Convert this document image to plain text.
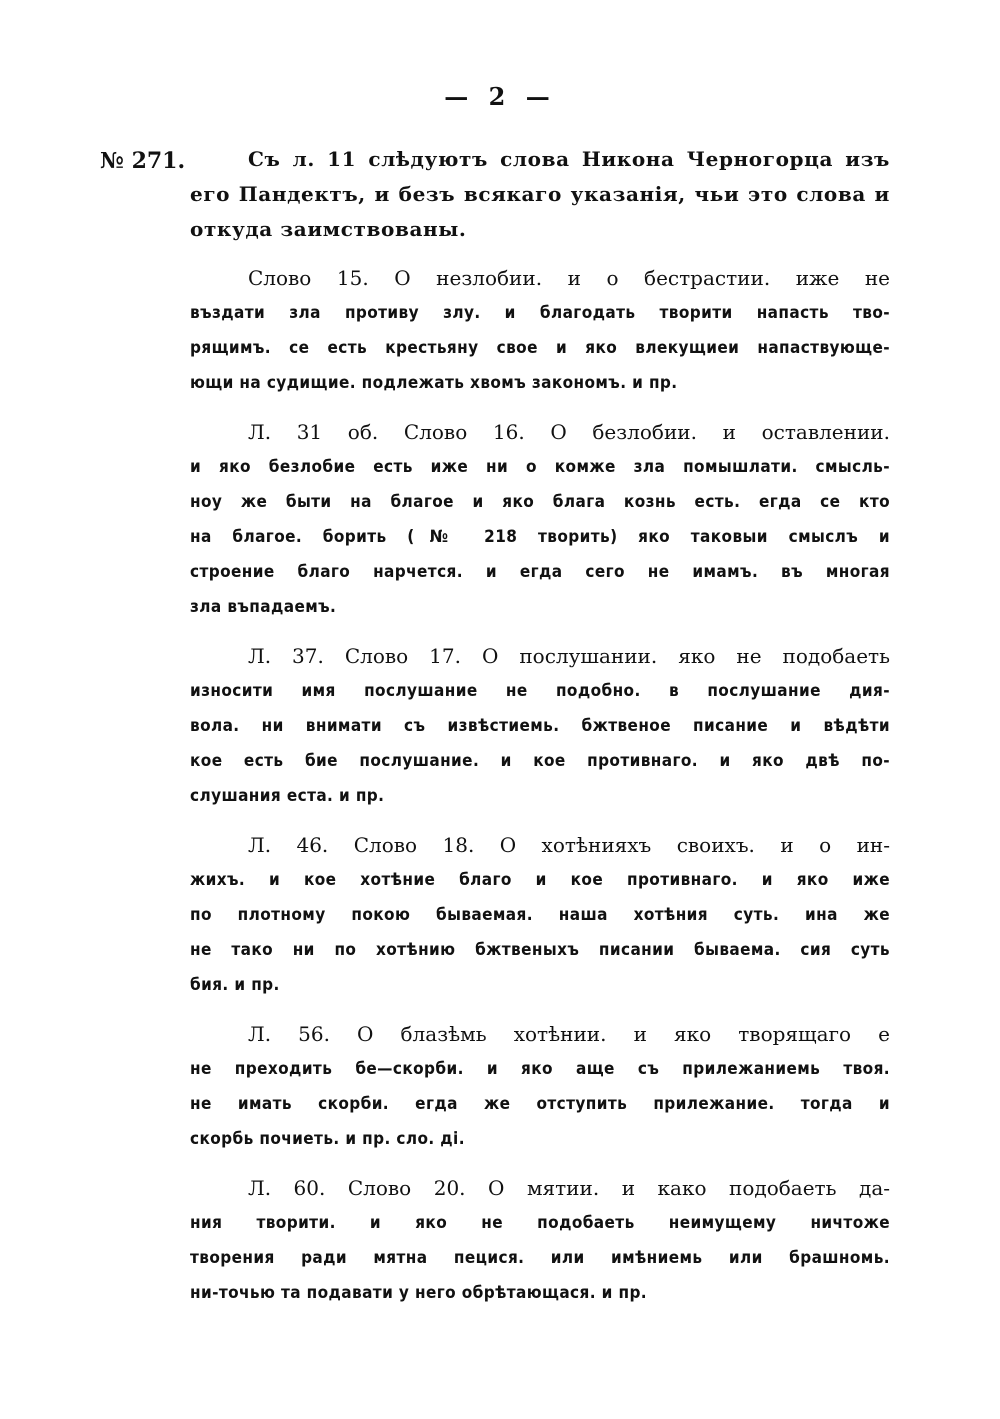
— 2 —
№ 271.	Съ л. 11 слѣдуютъ слова Никона Черногорца изъ
его Пандектъ, и безъ всякаго указанія, чьи это слова и
откуда заимствованы.
Слово 15. О незлобии. и о бестрастии. иже не
въздати зла противу злу. и благодать творити напасть тво-
рящимъ. се есть крестьяну свое и яко влекущиеи напаствующе-
ющи на судищие. подлежать хвомъ закономъ. и пр.
Л. 31 об. Слово 16. О безлобии. и оставлении.
и яко безлобие есть иже ни о комже зла помышлати. смысль-
ноу же быти на благое и яко блага кознь есть. егда се кто
на благое. борить (№ 218 творить) яко таковыи смыслъ и
строение благо нарчется. и егда сего не имамъ. въ многая
зла въпадаемъ.
Л. 37. Слово 17. О послушании. яко не подобаеть
износити имя послушание не подобно. в послушание дия-
вола. ни внимати съ извѣстиемь. бжтвеное писание и вѣдѣти
кое есть бие послушание. и кое противнаго. и яко двѣ по-
слушания еста. и пр.
Л. 46. Слово 18. О хотѣнияхъ своихъ. и о ин-
жихъ. и кое хотѣние благо и кое противнаго. и яко иже
по плотному покою бываемая. наша хотѣния суть. ина же
не тако ни по хотѣнию бжтвеныхъ писании бываема. сия суть
бия. и пр.
Л. 56. О блазѣмь хотѣнии. и яко творящаго е
не преходить бе—скорби. и яко аще съ прилежаниемь твоя.
не имать скорби. егда же отступить прилежание. тогда и
скорбь почиеть. и пр. сло. ді.
Л. 60. Слово 20. О мятии. и како подобаеть да-
ния творити. и яко не подобаеть неимущему ничтоже
творения ради мятна пецися. или имѣниемь или брашномь.
ни-точью та подавати у него обрѣтающася. и пр.
